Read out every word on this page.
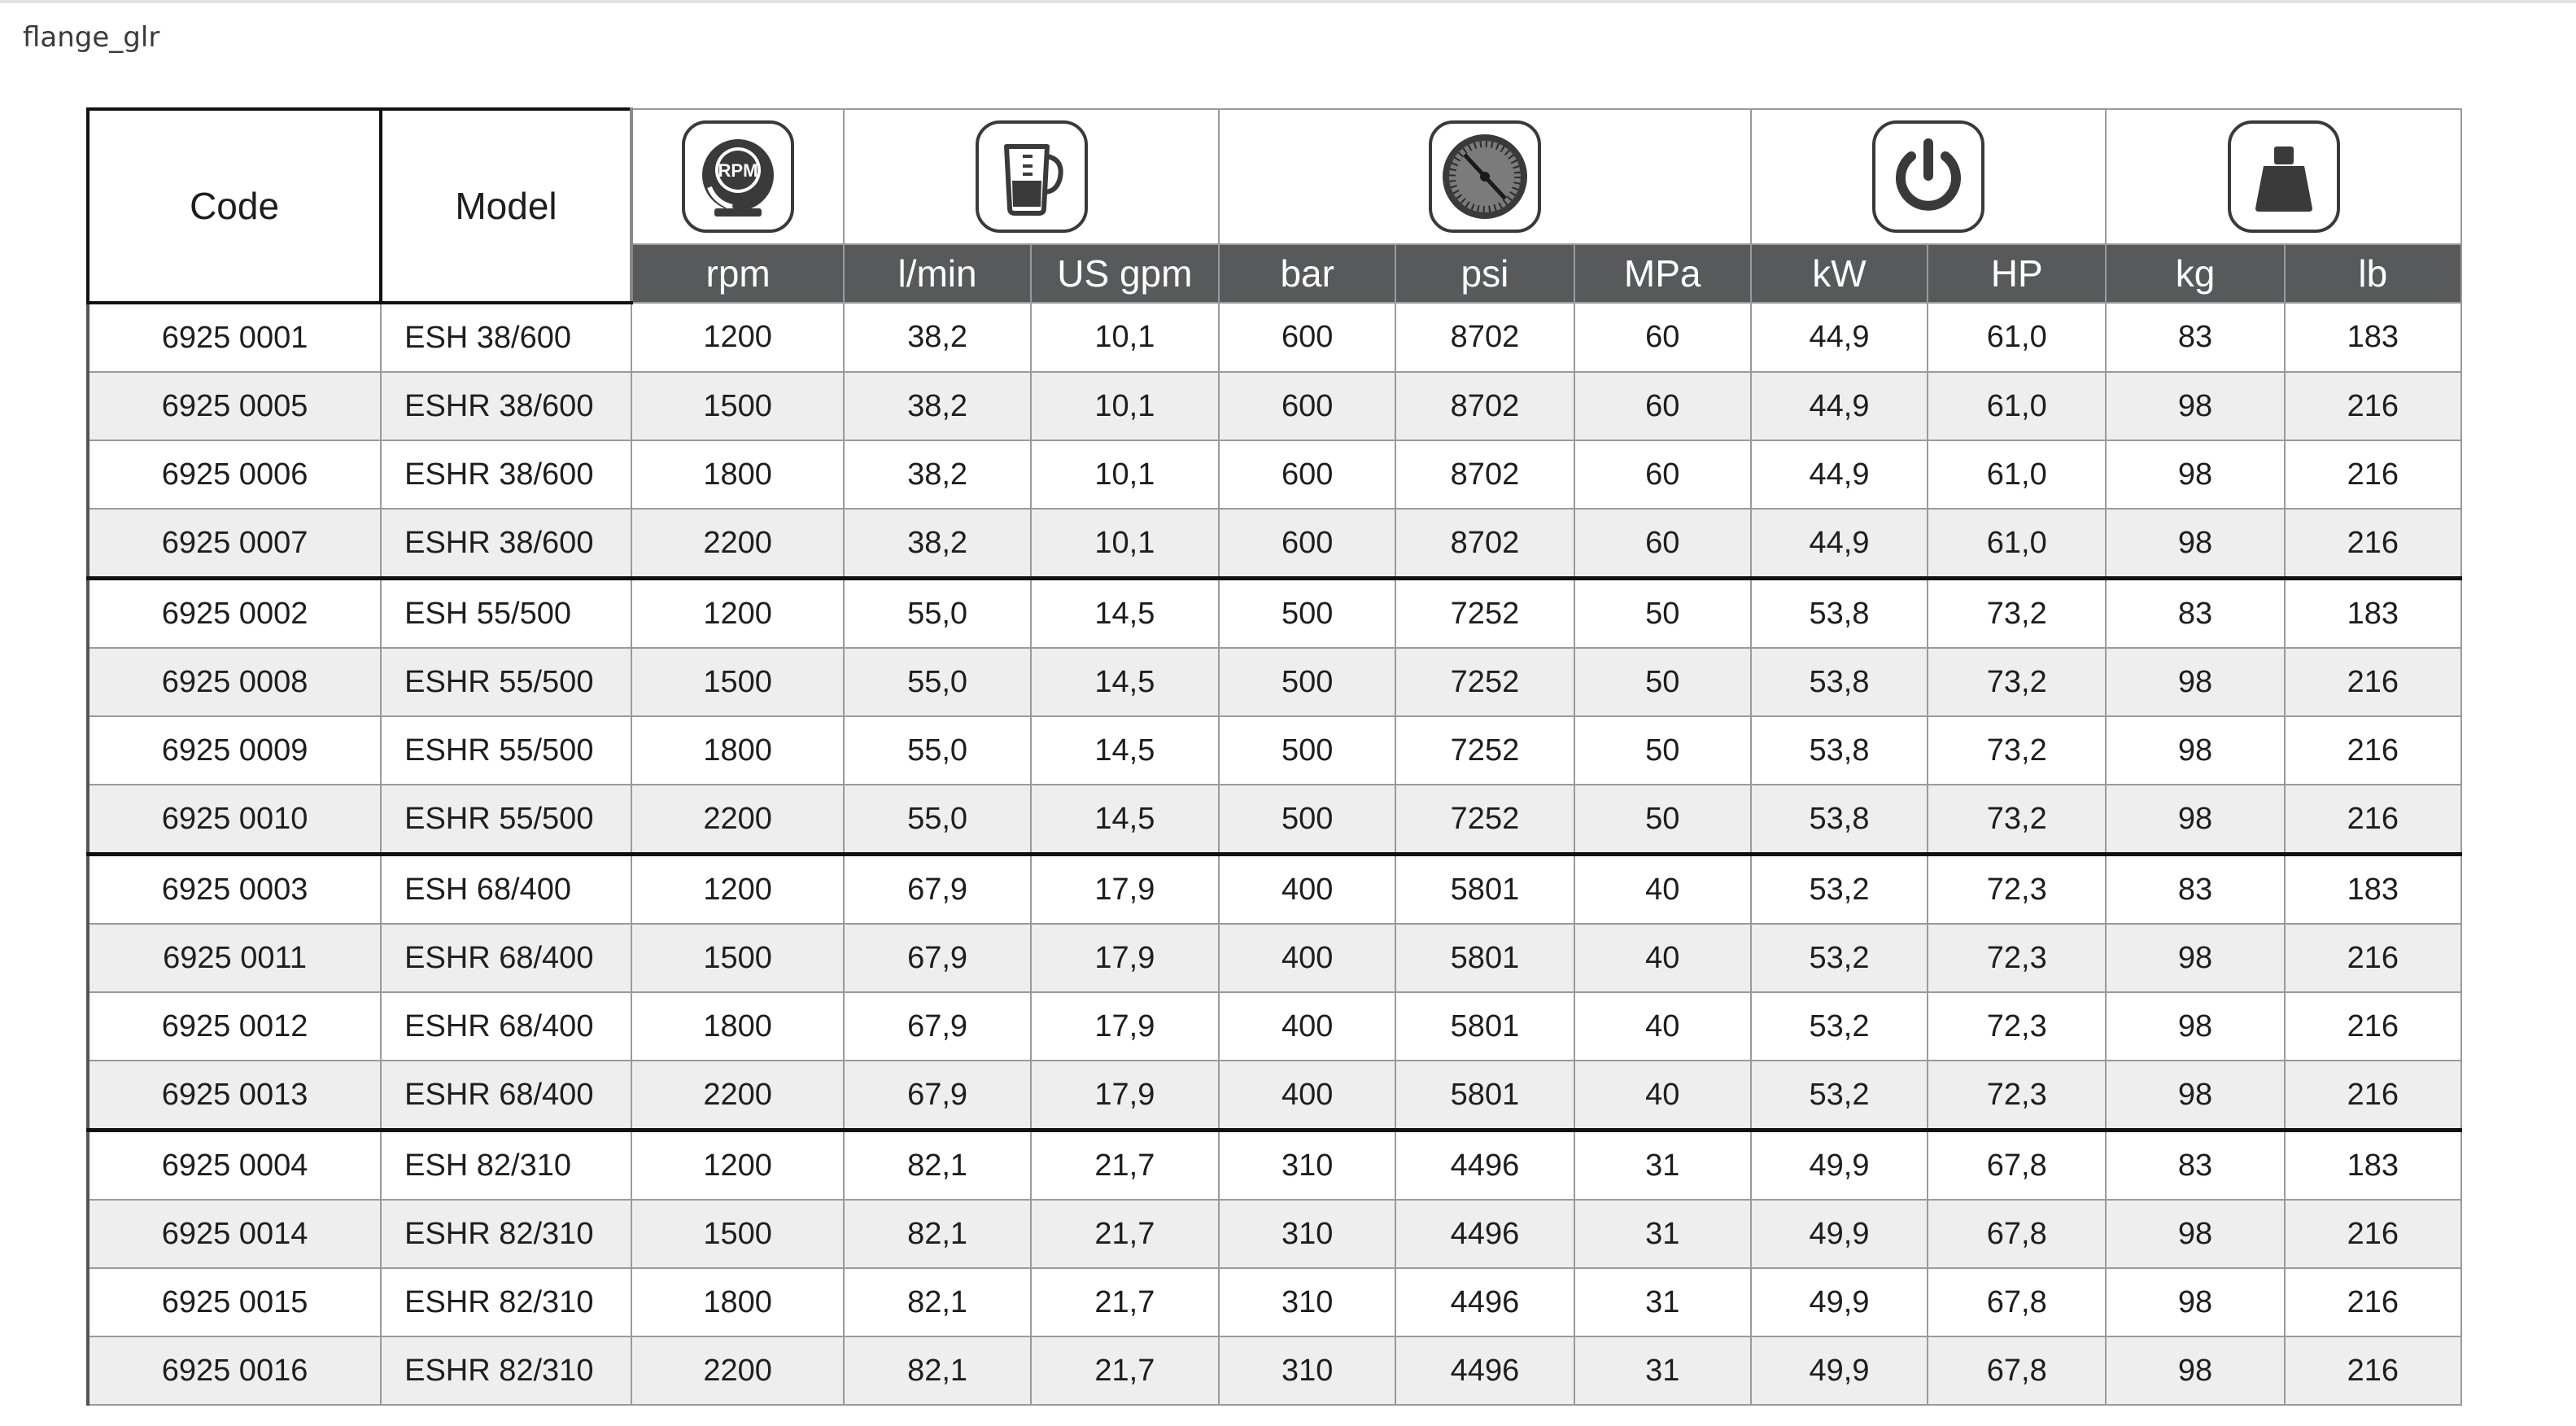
flange_glr
Code	Model	RPM

		rpm	l/min	US gpm	bar	psi	MPa	kW	HP	kg	lb
6925 0001	ESH 38/600	1200	38,2	10,1	600	8702	60	44,9	61,0	83	183
6925 0005	ESHR 38/600	1500	38,2	10,1	600	8702	60	44,9	61,0	98	216
6925 0006	ESHR 38/600	1800	38,2	10,1	600	8702	60	44,9	61,0	98	216
6925 0007	ESHR 38/600	2200	38,2	10,1	600	8702	60	44,9	61,0	98	216
6925 0002	ESH 55/500	1200	55,0	14,5	500	7252	50	53,8	73,2	83	183
6925 0008	ESHR 55/500	1500	55,0	14,5	500	7252	50	53,8	73,2	98	216
6925 0009	ESHR 55/500	1800	55,0	14,5	500	7252	50	53,8	73,2	98	216
6925 0010	ESHR 55/500	2200	55,0	14,5	500	7252	50	53,8	73,2	98	216
6925 0003	ESH 68/400	1200	67,9	17,9	400	5801	40	53,2	72,3	83	183
6925 0011	ESHR 68/400	1500	67,9	17,9	400	5801	40	53,2	72,3	98	216
6925 0012	ESHR 68/400	1800	67,9	17,9	400	5801	40	53,2	72,3	98	216
6925 0013	ESHR 68/400	2200	67,9	17,9	400	5801	40	53,2	72,3	98	216
6925 0004	ESH 82/310	1200	82,1	21,7	310	4496	31	49,9	67,8	83	183
6925 0014	ESHR 82/310	1500	82,1	21,7	310	4496	31	49,9	67,8	98	216
6925 0015	ESHR 82/310	1800	82,1	21,7	310	4496	31	49,9	67,8	98	216
6925 0016	ESHR 82/310	2200	82,1	21,7	310	4496	31	49,9	67,8	98	216
